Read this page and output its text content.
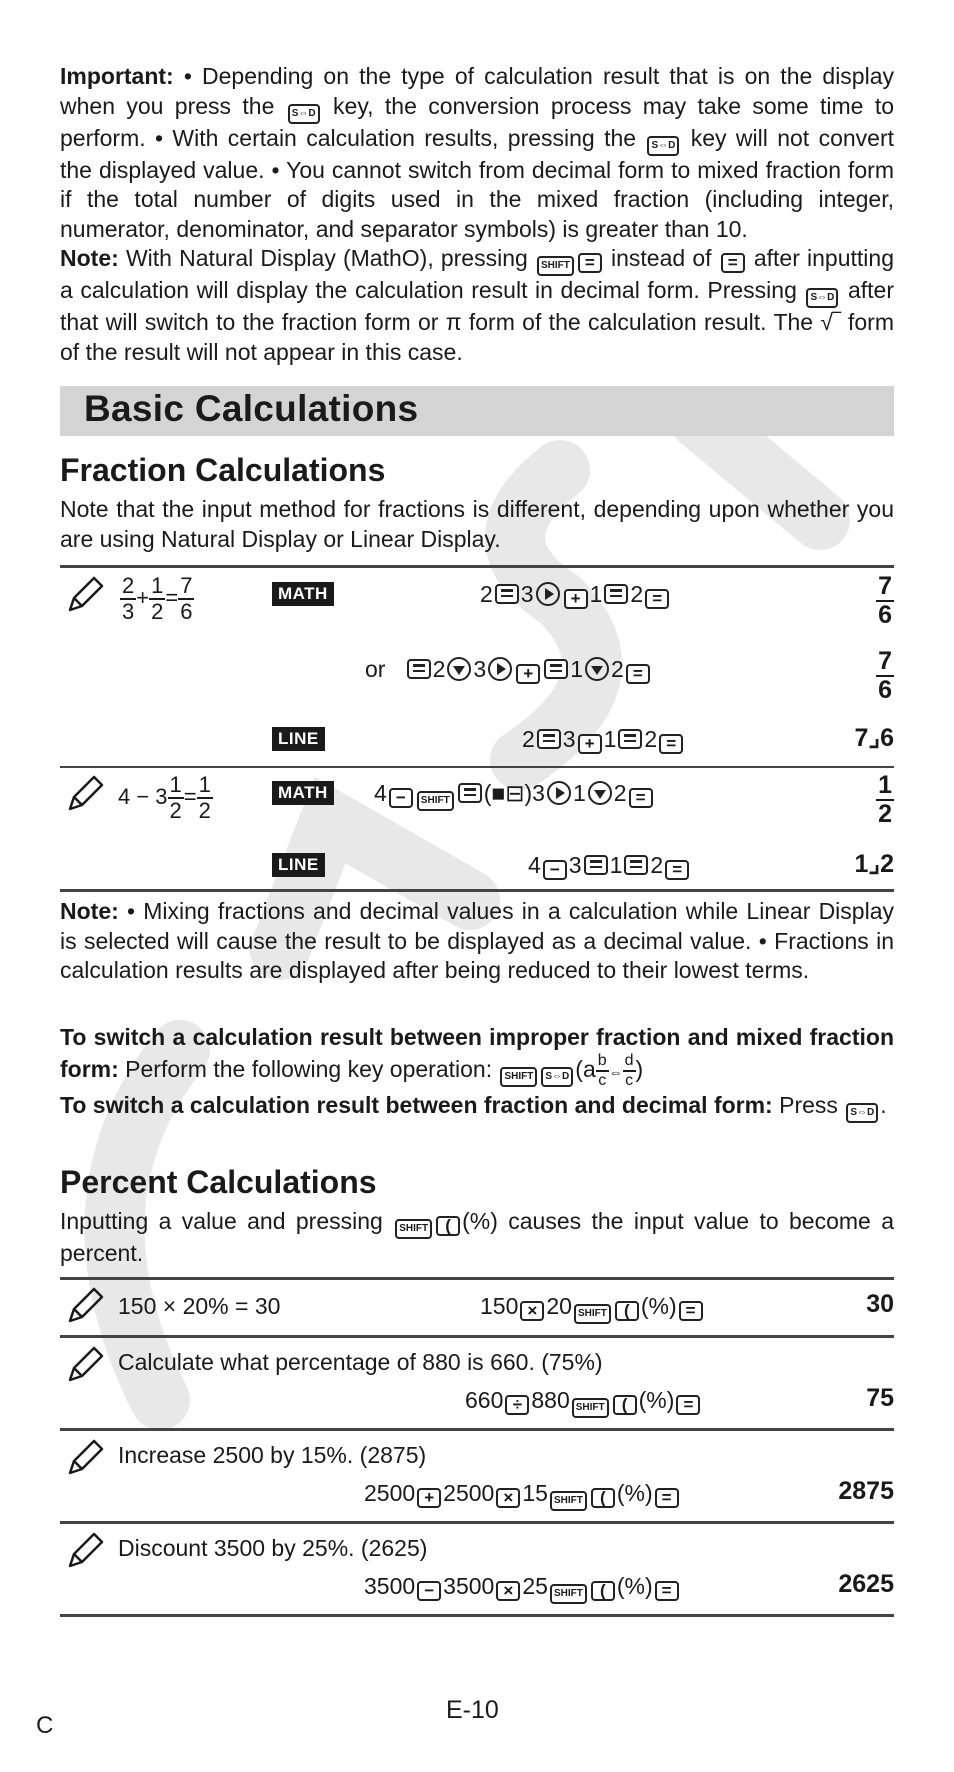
Important: • Depending on the type of calculation result that is on the display when you press the S⇔D key, the conversion process may take some time to perform. • With certain calculation results, pressing the S⇔D key will not convert the displayed value. • You cannot switch from decimal form to mixed fraction form if the total number of digits used in the mixed fraction (including integer, numerator, denominator, and separator symbols) is greater than 10.

Note: With Natural Display (MathO), pressing SHIFT = instead of = after inputting a calculation will display the calculation result in decimal form. Pressing S⇔D after that will switch to the fraction form or π form of the calculation result. The √‾ form of the result will not appear in this case.

Basic Calculations
Fraction Calculations

Note that the input method for fractions is different, depending upon whether you are using Natural Display or Linear Display.

$\frac{2}{3} + \frac{1}{2} = \frac{7}{6}$	MATH	2 3 + 1 2 =	$\frac{7}{6}$
or 2 3 + 1 2 =	$\frac{7}{6}$
LINE	2 3 + 1 2 =	7⌟6
$4 - 3 \frac{1}{2} = \frac{1}{2}$	MATH 4 − SHIFT (■⊟)3 1 2 =	$\frac{1}{2}$
LINE	4 − 3 1 2 =	1⌟2

Note: • Mixing fractions and decimal values in a calculation while Linear Display is selected will cause the result to be displayed as a decimal value. • Fractions in calculation results are displayed after being reduced to their lowest terms.

To switch a calculation result between improper fraction and mixed fraction form: Perform the following key operation: SHIFT S⇔D ($a \frac{b}{c}$ ⇔ $\frac{d}{c}$ )

To switch a calculation result between fraction and decimal form: Press S⇔D .

Percent Calculations

Inputting a value and pressing SHIFT ( (%) causes the input value to become a percent.

150 × 20% = 30	150 × 20 SHIFT ( (%) =	30
Calculate what percentage of 880 is 660. (75%)
660 ÷ 880 SHIFT ( (%) =	75
Increase 2500 by 15%. (2875)
2500 + 2500 × 15 SHIFT ( (%) =	2875
Discount 3500 by 25%. (2625)
3500 − 3500 × 25 SHIFT ( (%) =	2625
E-10
C
